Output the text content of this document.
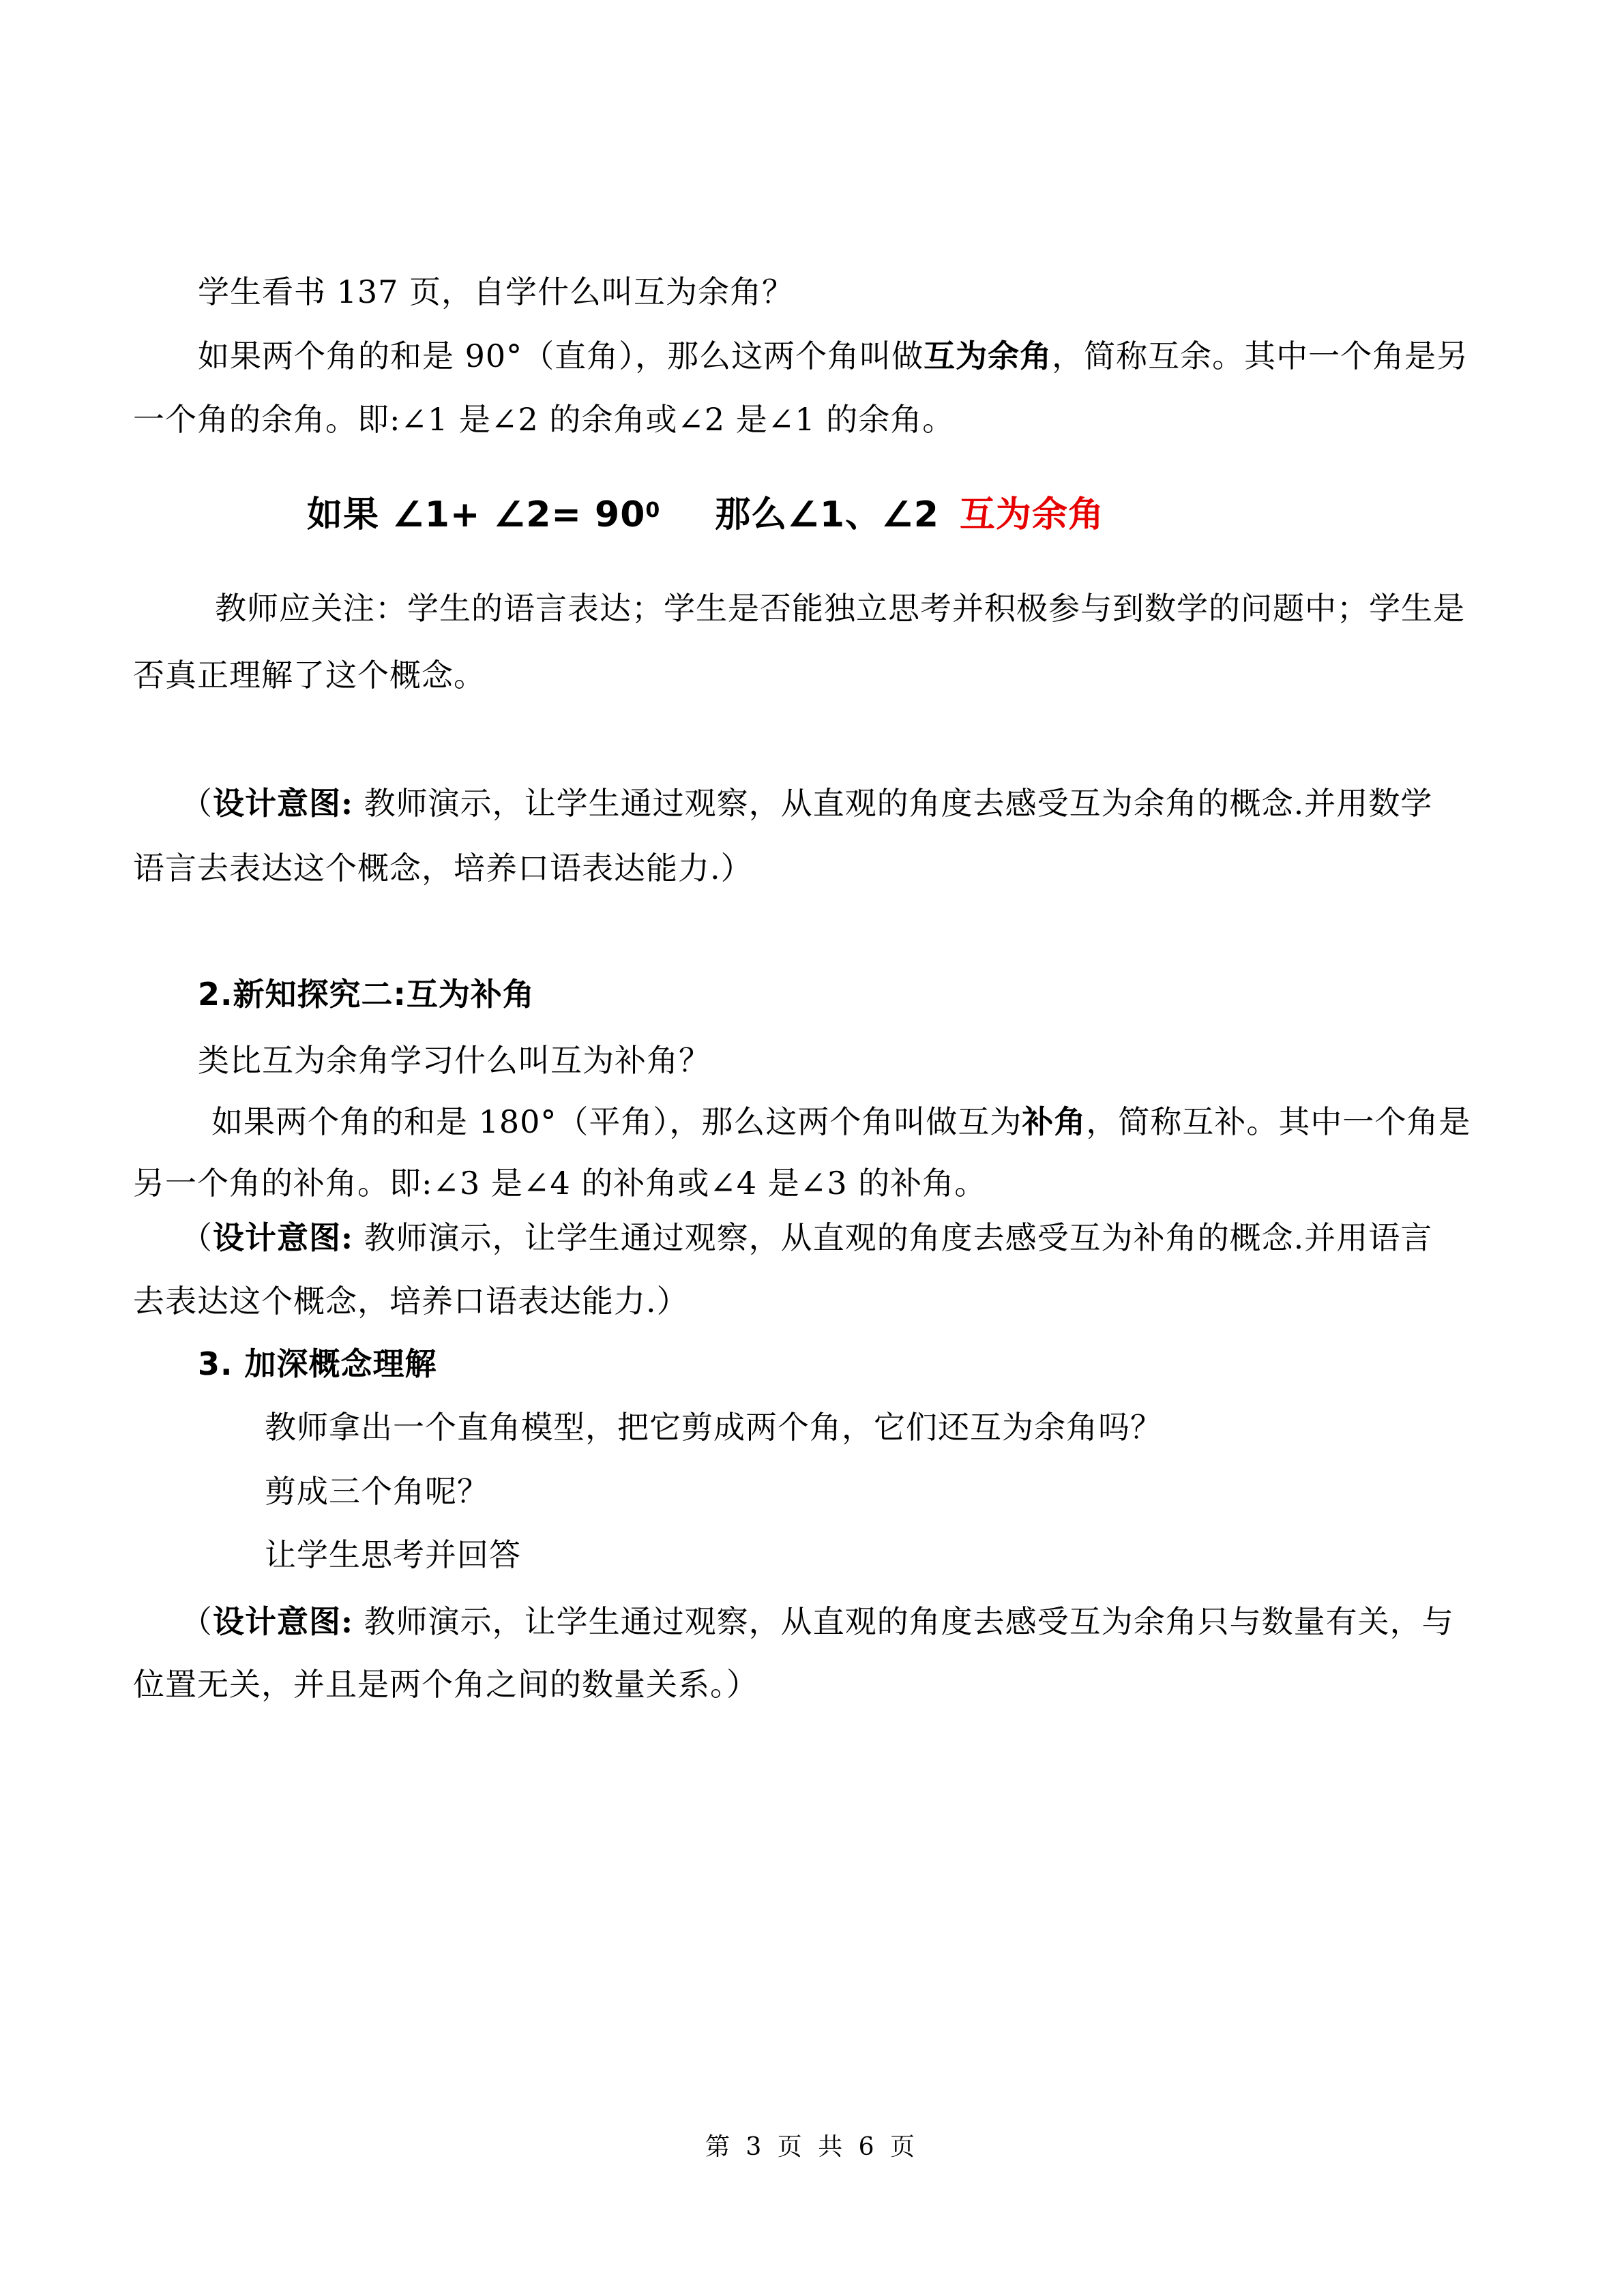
学生看书 137 页，自学什么叫互为余角？
如果两个角的和是 90°（直角），那么这两个角叫做互为余角，简称互余。其中一个角是另
一个角的余角。即:∠1 是∠2 的余角或∠2 是∠1 的余角。
如果 ∠1+ ∠2= $90^0$ 那么∠1、∠2 互为余角
教师应关注：学生的语言表达；学生是否能独立思考并积极参与到数学的问题中；学生是
否真正理解了这个概念。
（设计意图: 教师演示，让学生通过观察，从直观的角度去感受互为余角的概念.并用数学
语言去表达这个概念，培养口语表达能力.）
2.新知探究二:互为补角
类比互为余角学习什么叫互为补角？
如果两个角的和是 180°（平角），那么这两个角叫做互为补角，简称互补。其中一个角是
另一个角的补角。即:∠3 是∠4 的补角或∠4 是∠3 的补角。
（设计意图: 教师演示，让学生通过观察，从直观的角度去感受互为补角的概念.并用语言
去表达这个概念，培养口语表达能力.）
3. 加深概念理解
教师拿出一个直角模型，把它剪成两个角，它们还互为余角吗？
剪成三个角呢？
让学生思考并回答
（设计意图: 教师演示，让学生通过观察，从直观的角度去感受互为余角只与数量有关，与
位置无关，并且是两个角之间的数量关系。）
第 3 页 共 6 页
